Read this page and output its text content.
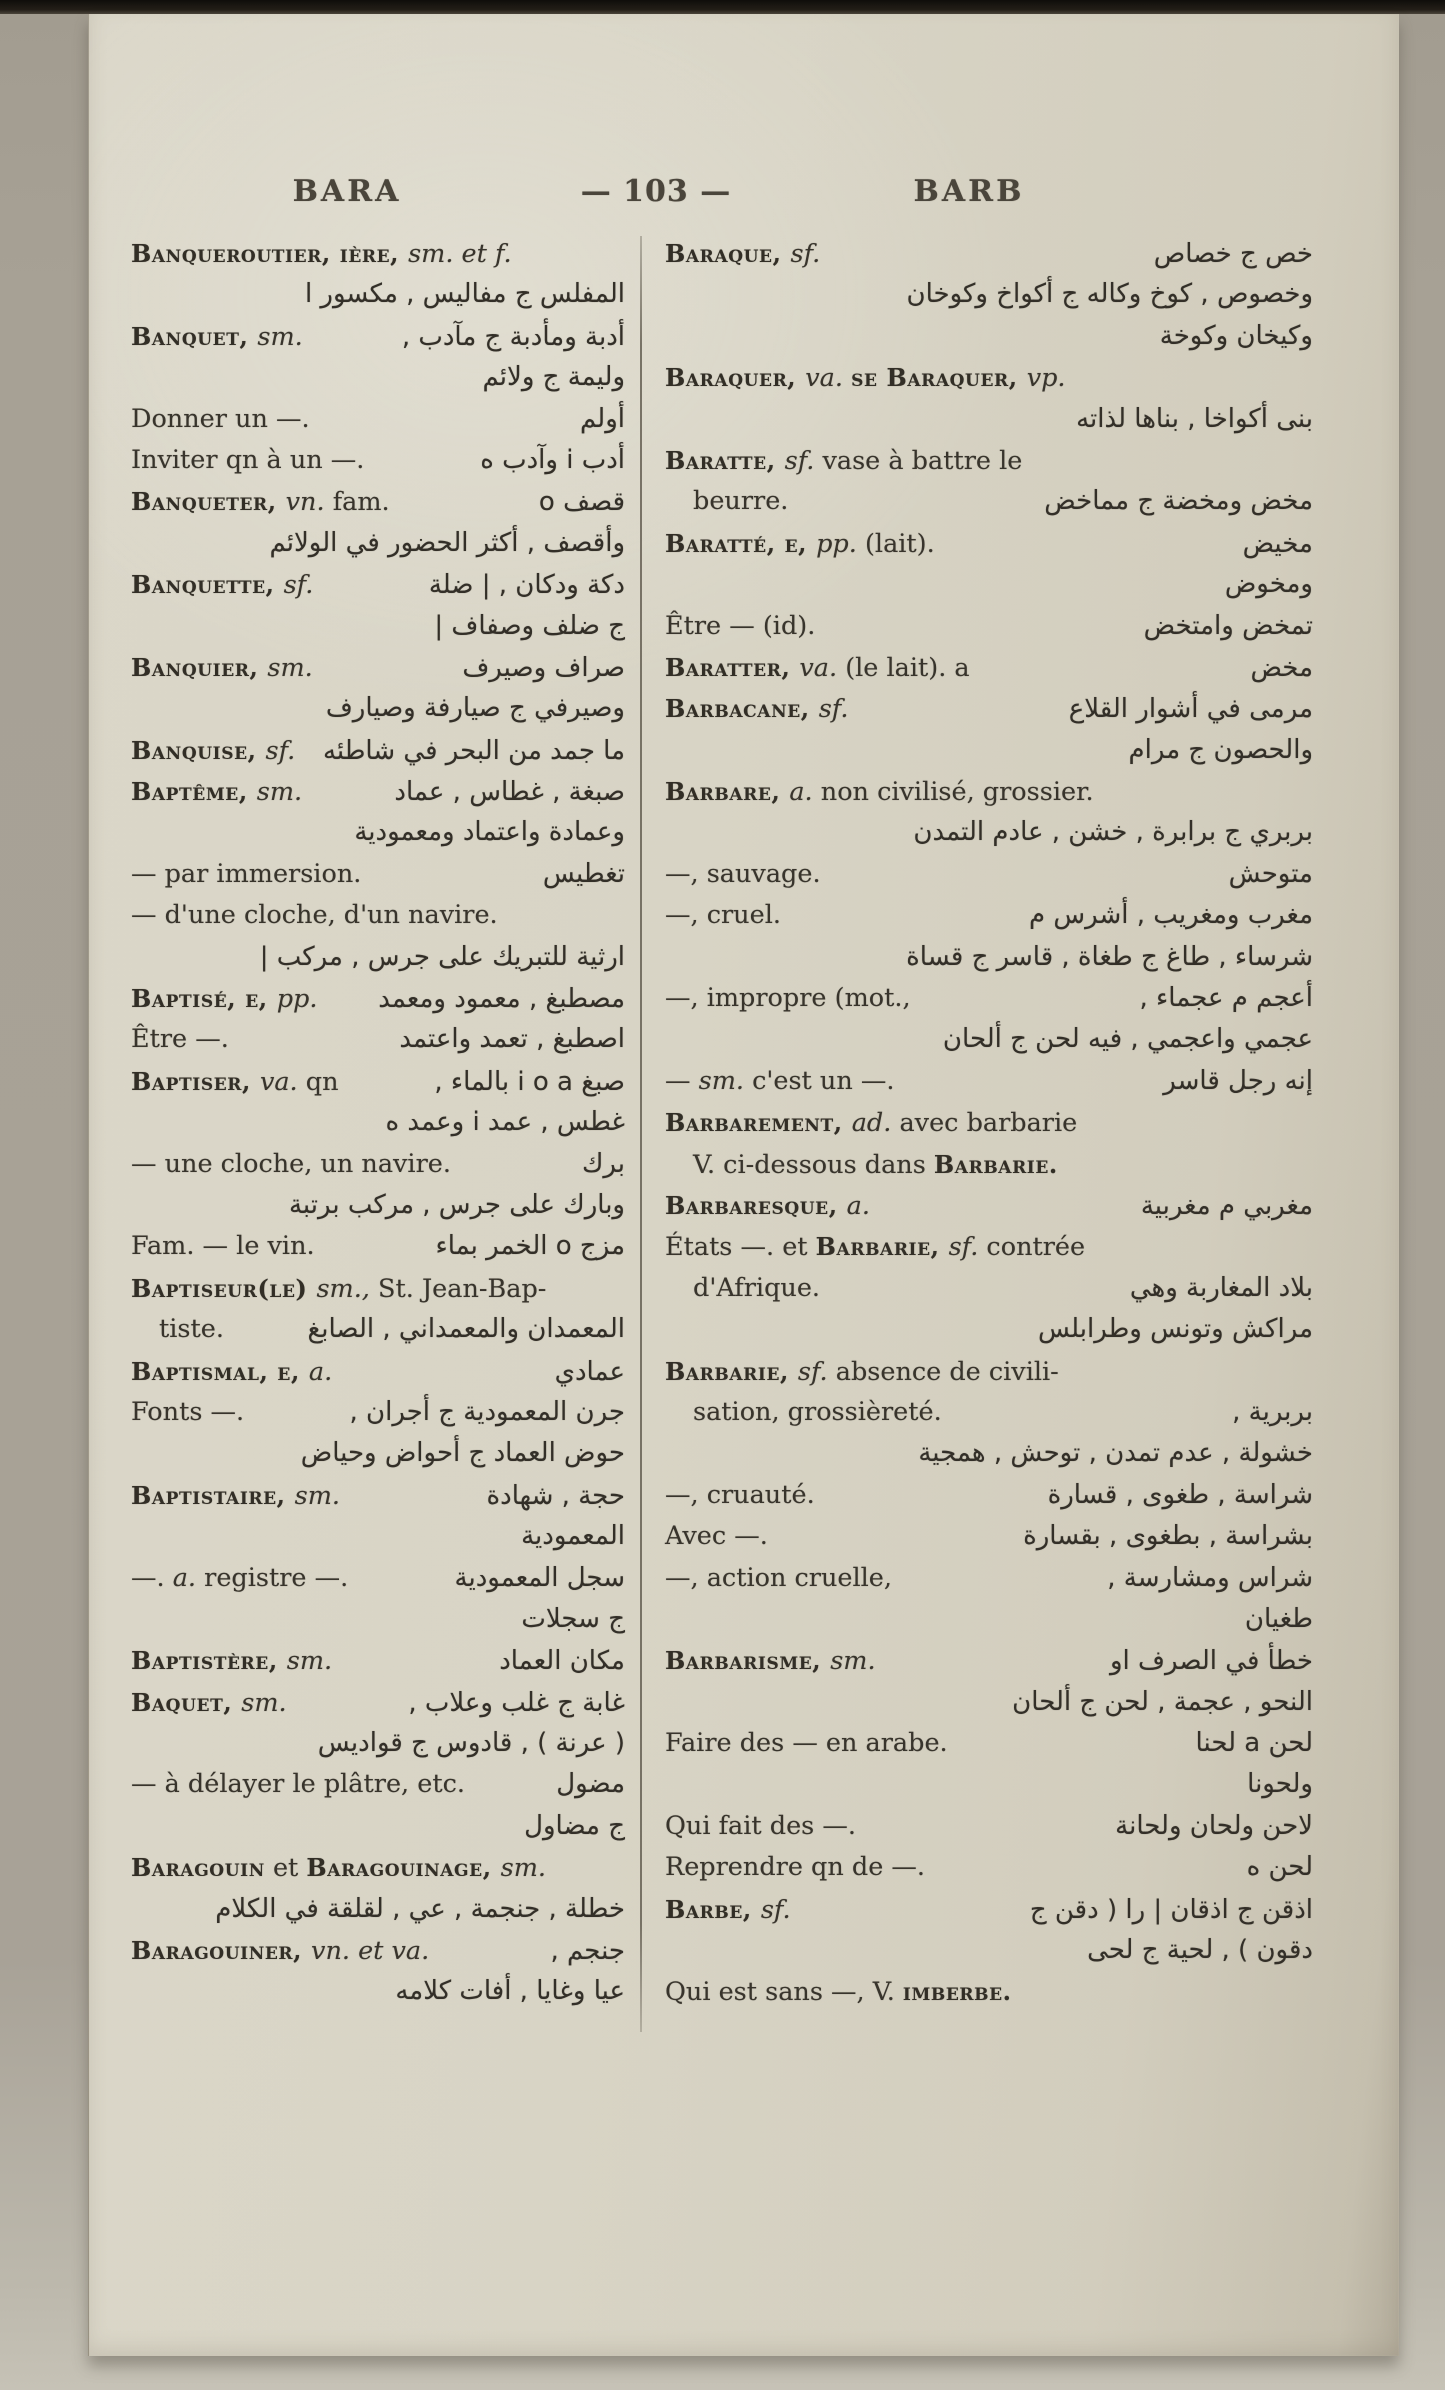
BARA	— 103 —	BARB
Banqueroutier, ière, sm. et f.
المفلس ج مفاليس , مكسور ا
Banquet, sm.	أدبة ومأدبة ج مآدب ,
وليمة ج ولائم
Donner un —.	أولم
Inviter qn à un —.	أدب i وآدب ه
Banqueter, vn. fam.	قصف o
وأقصف , أكثر الحضور في الولائم
Banquette, sf.	دكة ودكان , | ضلة
ج ضلف وصفاف |
Banquier, sm.	صراف وصيرف
وصيرفي ج صيارفة وصيارف
Banquise, sf.	ما جمد من البحر في شاطئه
Baptême, sm.	صبغة , غطاس , عماد
وعمادة واعتماد ومعمودية
— par immersion.	تغطيس
— d'une cloche, d'un navire.
ارثية للتبريك على جرس , مركب |
Baptisé, e, pp.	مصطبغ , معمود ومعمد
Être —.	اصطبغ , تعمد واعتمد
Baptiser, va. qn	صبغ i o a بالماء ,
غطس , عمد i وعمد ه
— une cloche, un navire.	برك
وبارك على جرس , مركب برتبة
Fam. — le vin.	مزج o الخمر بماء
Baptiseur(le) sm., St. Jean-Bap-
tiste.	المعمدان والمعمداني , الصابغ
Baptismal, e, a.	عمادي
Fonts —.	جرن المعمودية ج أجران ,
حوض العماد ج أحواض وحياض
Baptistaire, sm.	حجة , شهادة
المعمودية
—. a. registre —.	سجل المعمودية
ج سجلات
Baptistère, sm.	مكان العماد
Baquet, sm.	غابة ج غلب وعلاب ,
( عرنة ) , قادوس ج قواديس
— à délayer le plâtre, etc.	مضول
ج مضاول
Baragouin et Baragouinage, sm.
خطلة , جنجمة , عي , لقلقة في الكلام
Baragouiner, vn. et va.	جنجم ,
عيا وغايا , أفات كلامه
Baraque, sf.	خص ج خصاص
وخصوص , كوخ وكاله ج أكواخ وكوخان
وكيخان وكوخة
Baraquer, va. se Baraquer, vp.
بنى أكواخا , بناها لذاته
Baratte, sf. vase à battre le
beurre.	مخض ومخضة ج مماخض
Baratté, e, pp. (lait).	مخيض
ومخوض
Être — (id).	تمخض وامتخض
Baratter, va. (le lait). a	مخض
Barbacane, sf.	مرمى في أشوار القلاع
والحصون ج مرام
Barbare, a. non civilisé, grossier.
بربري ج برابرة , خشن , عادم التمدن
—, sauvage.	متوحش
—, cruel.	مغرب ومغريب , أشرس م
شرساء , طاغ ج طغاة , قاسر ج قساة
—, impropre (mot.,	أعجم م عجماء ,
عجمي واعجمي , فيه لحن ج ألحان
— sm. c'est un —.	إنه رجل قاسر
Barbarement, ad. avec barbarie
V. ci-dessous dans Barbarie.
Barbaresque, a.	مغربي م مغربية
États —. et Barbarie, sf. contrée
d'Afrique.	بلاد المغاربة وهي
مراكش وتونس وطرابلس
Barbarie, sf. absence de civili-
sation, grossièreté.	بربرية ,
خشولة , عدم تمدن , توحش , همجية
—, cruauté.	شراسة , طغوى , قسارة
Avec —.	بشراسة , بطغوى , بقسارة
—, action cruelle,	شراس ومشارسة ,
طغيان
Barbarisme, sm.	خطأ في الصرف او
النحو , عجمة , لحن ج ألحان
Faire des — en arabe.	لحن a لحنا
ولحونا
Qui fait des —.	لاحن ولحان ولحانة
Reprendre qn de —.	لحن ه
Barbe, sf.	اذقن ج اذقان | را ( دقن ج
دقون ) , لحية ج لحى
Qui est sans —, V. imberbe.
